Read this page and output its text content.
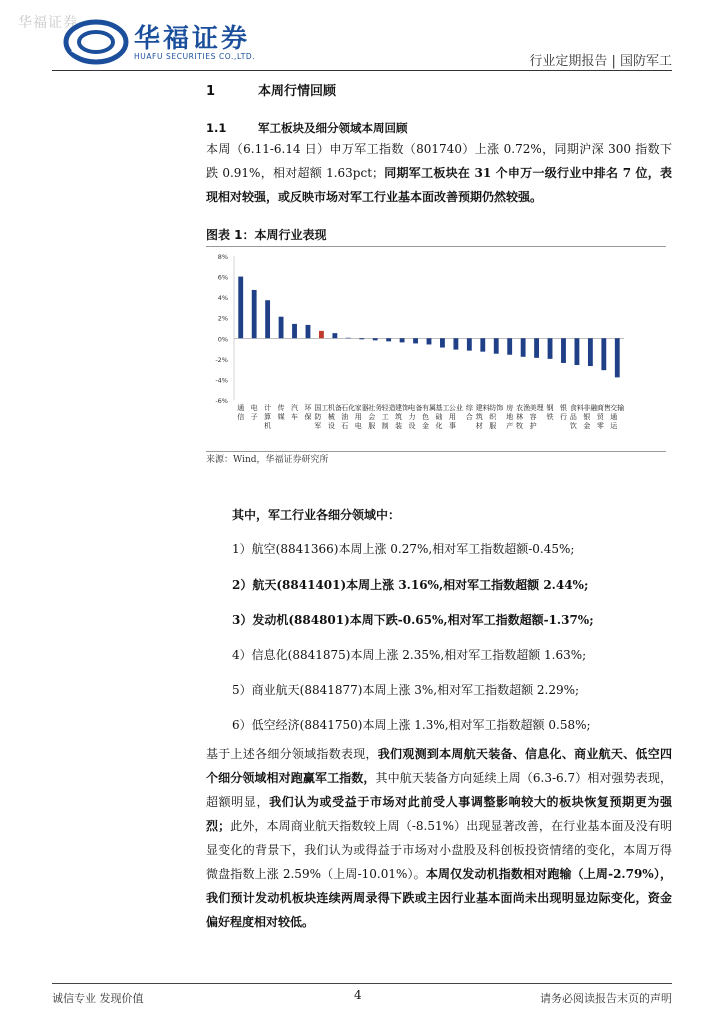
华福证券
华福证券
HUAFU SECURITIES CO.,LTD.	行业定期报告 | 国防军工
1	本周行情回顾
1.1	军工板块及细分领域本周回顾
本周（6.11-6.14 日）申万军工指数（801740）上涨 0.72%，同期沪深 300 指数下跌 0.91%，相对超额 1.63pct；同期军工板块在 31 个申万一级行业中排名 7 位，表现相对较强，或反映市场对军工行业基本面改善预期仍然较强。
图表 1：本周行业表现
-6%
-4%
-2%
0%
2%
4%
6%
8%
通
信
电
子
计
算
机
传
媒
汽
车
环
保
国
防
军
工 机
械
设
备 石
油
石
化 家
用
电
器 社
会
服
务 轻
工
制
造 建
筑
装
饰 电
力
设
备 有
色
金
属 基
础
化
工 公
用
事
业 综
合
建
筑
材
料 纺
织
服
饰 房
地
产
农
林
牧
渔 美
容
护
理 钢
铁
银
行
食
品
饮
料 非
银
金
融 商
贸
零
售 交
通
运
输
来源：Wind，华福证券研究所
其中，军工行业各细分领域中：
1）航空(8841366)本周上涨 0.27%,相对军工指数超额-0.45%;
2）航天(8841401)本周上涨 3.16%,相对军工指数超额 2.44%;
3）发动机(884801)本周下跌-0.65%,相对军工指数超额-1.37%;
4）信息化(8841875)本周上涨 2.35%,相对军工指数超额 1.63%;
5）商业航天(8841877)本周上涨 3%,相对军工指数超额 2.29%;
6）低空经济(8841750)本周上涨 1.3%,相对军工指数超额 0.58%;
基于上述各细分领域指数表现，我们观测到本周航天装备、信息化、商业航天、低空四个细分领域相对跑赢军工指数，其中航天装备方向延续上周（6.3-6.7）相对强势表现，超额明显，我们认为或受益于市场对此前受人事调整影响较大的板块恢复预期更为强烈；此外，本周商业航天指数较上周（-8.51%）出现显著改善，在行业基本面及没有明显变化的背景下，我们认为或得益于市场对小盘股及科创板投资情绪的变化，本周万得微盘指数上涨 2.59%（上周-10.01%）。本周仅发动机指数相对跑输（上周-2.79%），我们预计发动机板块连续两周录得下跌或主因行业基本面尚未出现明显边际变化，资金偏好程度相对较低。
诚信专业 发现价值	4	请务必阅读报告末页的声明
